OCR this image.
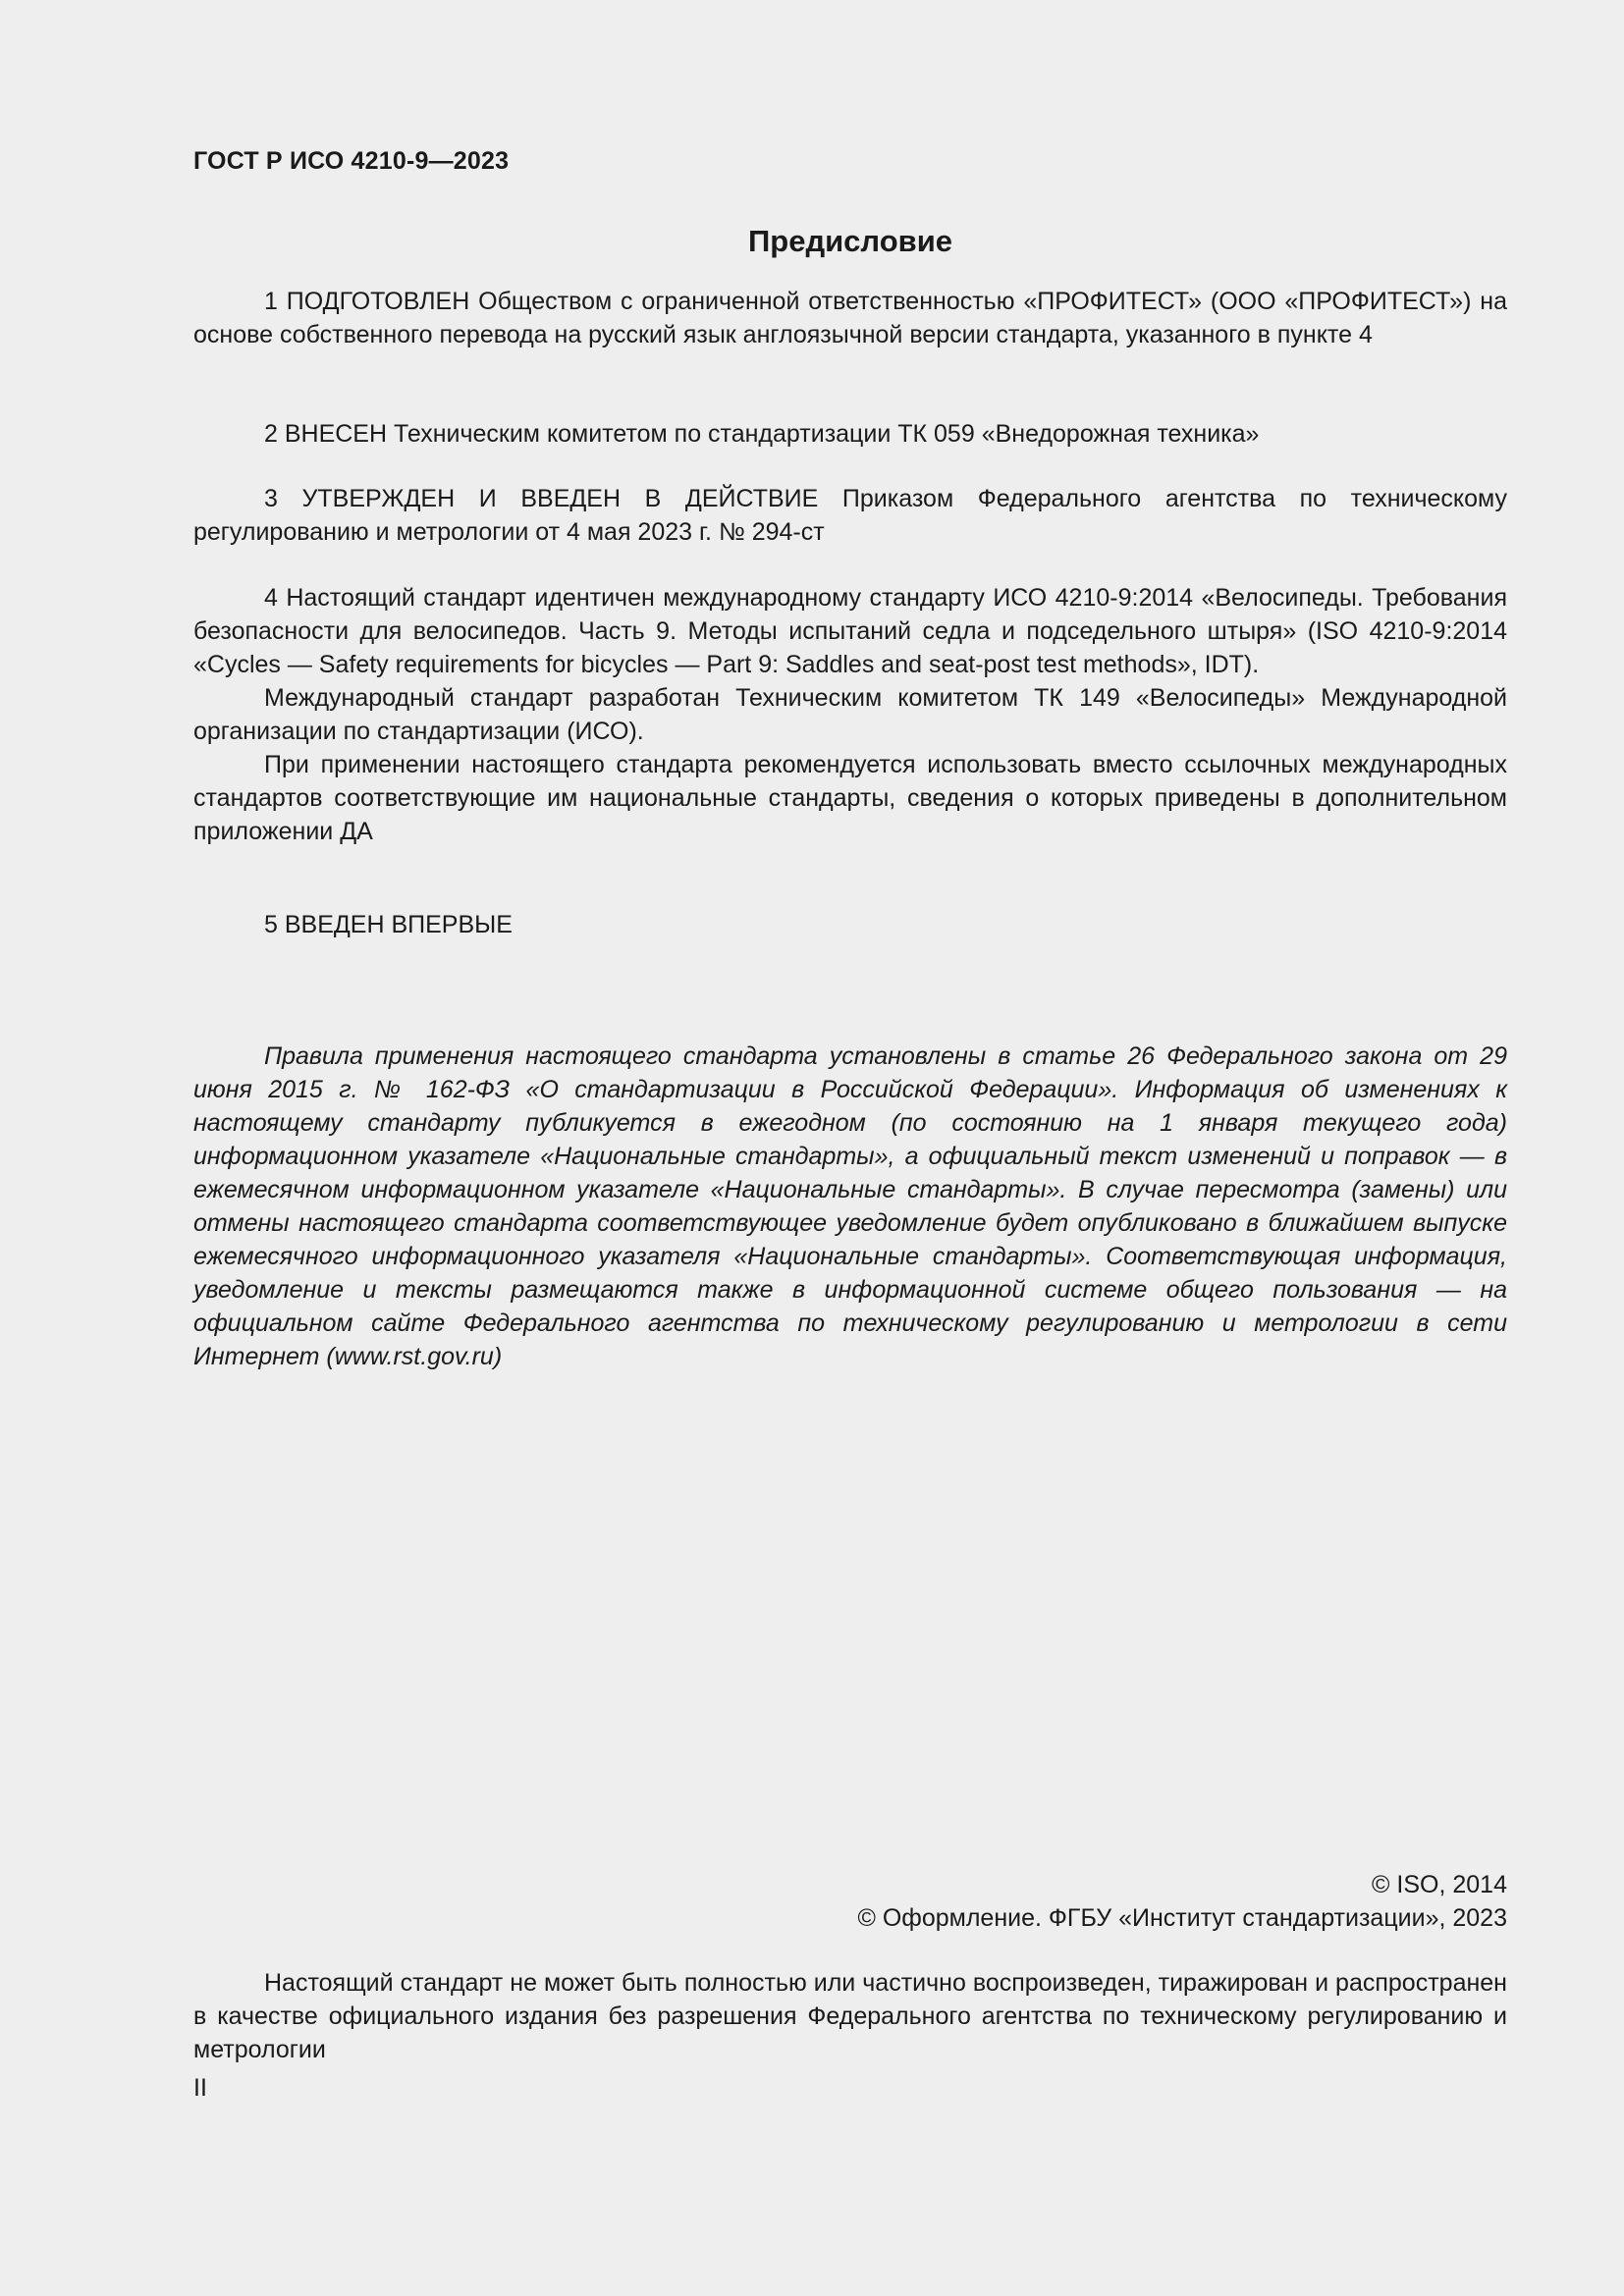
ГОСТ Р ИСО 4210-9—2023
Предисловие

1 ПОДГОТОВЛЕН Обществом с ограниченной ответственностью «ПРОФИТЕСТ» (ООО «ПРОФИТЕСТ») на основе собственного перевода на русский язык англоязычной версии стандарта, указанного в пункте 4

2 ВНЕСЕН Техническим комитетом по стандартизации ТК 059 «Внедорожная техника»

3 УТВЕРЖДЕН И ВВЕДЕН В ДЕЙСТВИЕ Приказом Федерального агентства по техническому регулированию и метрологии от 4 мая 2023 г. № 294-ст

4 Настоящий стандарт идентичен международному стандарту ИСО 4210-9:2014 «Велосипеды. Требования безопасности для велосипедов. Часть 9. Методы испытаний седла и подседельного штыря» (ISO 4210-9:2014 «Cycles — Safety requirements for bicycles — Part 9: Saddles and seat-post test methods», IDT).

Международный стандарт разработан Техническим комитетом ТК 149 «Велосипеды» Международной организации по стандартизации (ИСО).

При применении настоящего стандарта рекомендуется использовать вместо ссылочных международных стандартов соответствующие им национальные стандарты, сведения о которых приведены в дополнительном приложении ДА

5 ВВЕДЕН ВПЕРВЫЕ

Правила применения настоящего стандарта установлены в статье 26 Федерального закона от 29 июня 2015 г. № 162-ФЗ «О стандартизации в Российской Федерации». Информация об изменениях к настоящему стандарту публикуется в ежегодном (по состоянию на 1 января текущего года) информационном указателе «Национальные стандарты», а официальный текст изменений и поправок — в ежемесячном информационном указателе «Национальные стандарты». В случае пересмотра (замены) или отмены настоящего стандарта соответствующее уведомление будет опубликовано в ближайшем выпуске ежемесячного информационного указателя «Национальные стандарты». Соответствующая информация, уведомление и тексты размещаются также в информационной системе общего пользования — на официальном сайте Федерального агентства по техническому регулированию и метрологии в сети Интернет (www.rst.gov.ru)

© ISO, 2014

© Оформление. ФГБУ «Институт стандартизации», 2023

Настоящий стандарт не может быть полностью или частично воспроизведен, тиражирован и распространен в качестве официального издания без разрешения Федерального агентства по техническому регулированию и метрологии

II
